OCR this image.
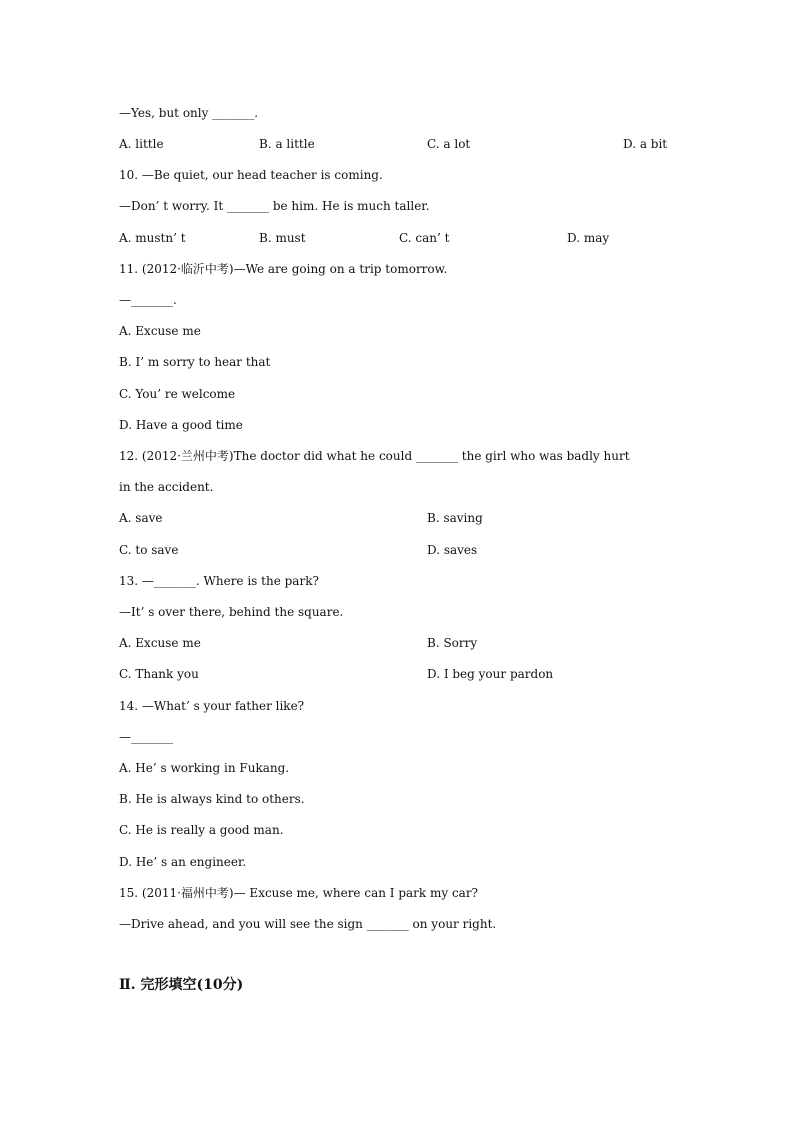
—Yes, but only _______.
A. little	B. a little	C. a lot	D. a bit
10. —Be quiet, our head teacher is coming.
—Don’ t worry. It _______ be him. He is much taller.
A. mustn’ t	B. must	C. can’ t	D. may
11. (2012·临沂中考)—We are going on a trip tomorrow.
—_______.
A. Excuse me
B. I’ m sorry to hear that
C. You’ re welcome
D. Have a good time
12. (2012·兰州中考)The doctor did what he could _______ the girl who was badly hurt
in the accident.
A. save	B. saving
C. to save	D. saves
13. —_______. Where is the park?
—It’ s over there, behind the square.
A. Excuse me	B. Sorry
C. Thank you	D. I beg your pardon
14. —What’ s your father like?
—_______
A. He’ s working in Fukang.
B. He is always kind to others.
C. He is really a good man.
D. He’ s an engineer.
15. (2011·福州中考)— Excuse me, where can I park my car?
—Drive ahead, and you will see the sign _______ on your right.
Ⅱ. 完形填空(10分)
